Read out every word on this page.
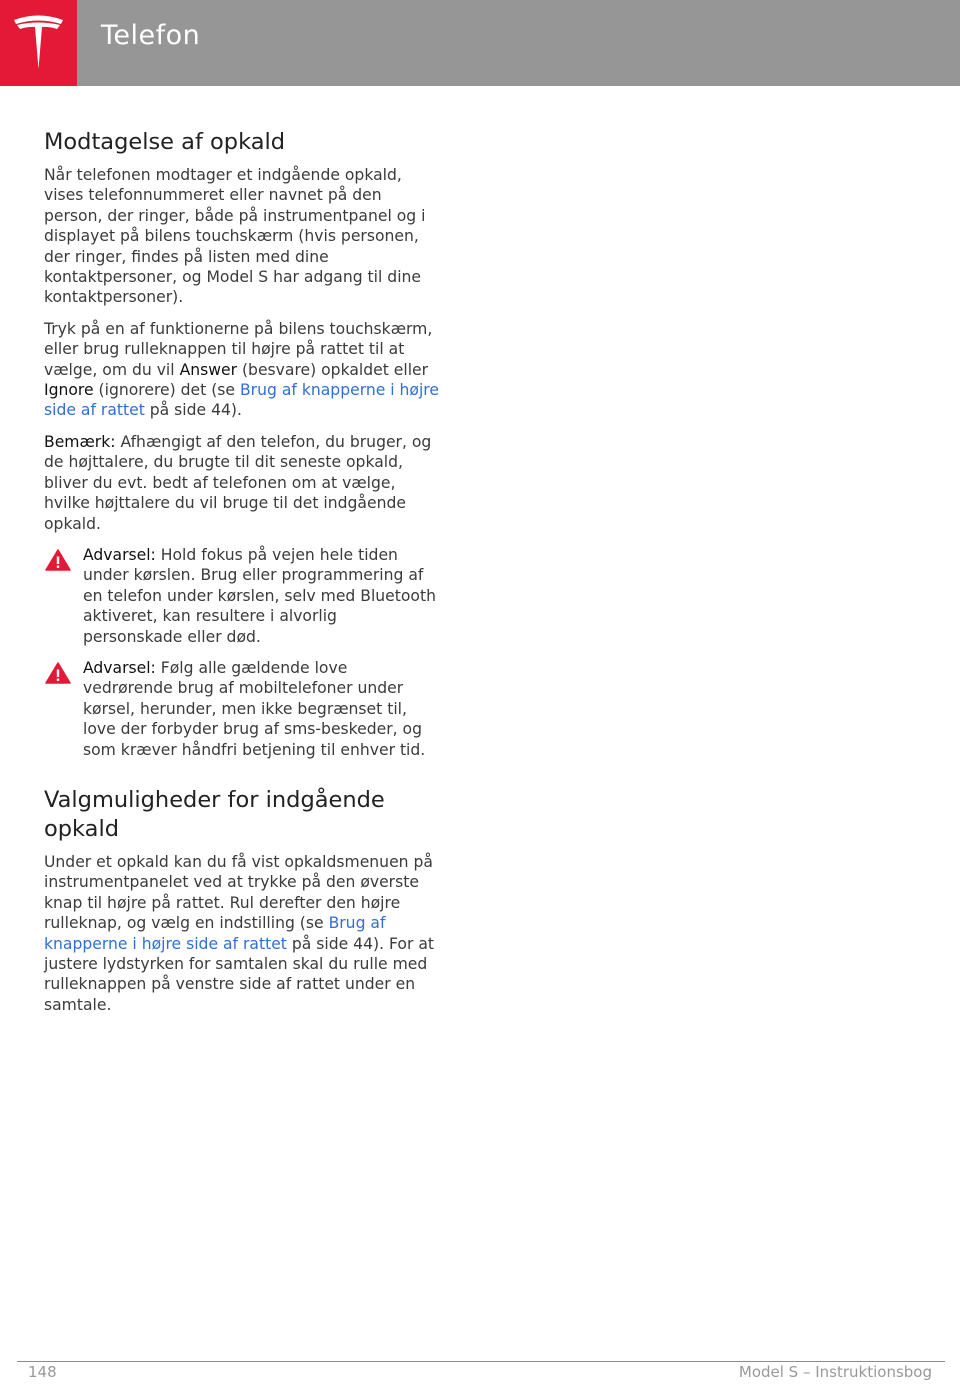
Telefon
Modtagelse af opkald

Når telefonen modtager et indgående opkald, vises telefonnummeret eller navnet på den person, der ringer, både på instrumentpanel og i displayet på bilens touchskærm (hvis personen, der ringer, findes på listen med dine kontaktpersoner, og Model S har adgang til dine kontaktpersoner).

Tryk på en af funktionerne på bilens touchskærm, eller brug rulleknappen til højre på rattet til at vælge, om du vil Answer (besvare) opkaldet eller Ignore (ignorere) det (se Brug af knapperne i højre side af rattet på side 44).

Bemærk: Afhængigt af den telefon, du bruger, og de højttalere, du brugte til dit seneste opkald, bliver du evt. bedt af telefonen om at vælge, hvilke højttalere du vil bruge til det indgående opkald.

Advarsel: Hold fokus på vejen hele tiden under kørslen. Brug eller programmering af en telefon under kørslen, selv med Bluetooth aktiveret, kan resultere i alvorlig personskade eller død.

Advarsel: Følg alle gældende love vedrørende brug af mobiltelefoner under kørsel, herunder, men ikke begrænset til, love der forbyder brug af sms-beskeder, og som kræver håndfri betjening til enhver tid.

Valgmuligheder for indgående opkald

Under et opkald kan du få vist opkaldsmenuen på instrumentpanelet ved at trykke på den øverste knap til højre på rattet. Rul derefter den højre rulleknap, og vælg en indstilling (se Brug af knapperne i højre side af rattet på side 44). For at justere lydstyrken for samtalen skal du rulle med rulleknappen på venstre side af rattet under en samtale.

148	Model S – Instruktionsbog
